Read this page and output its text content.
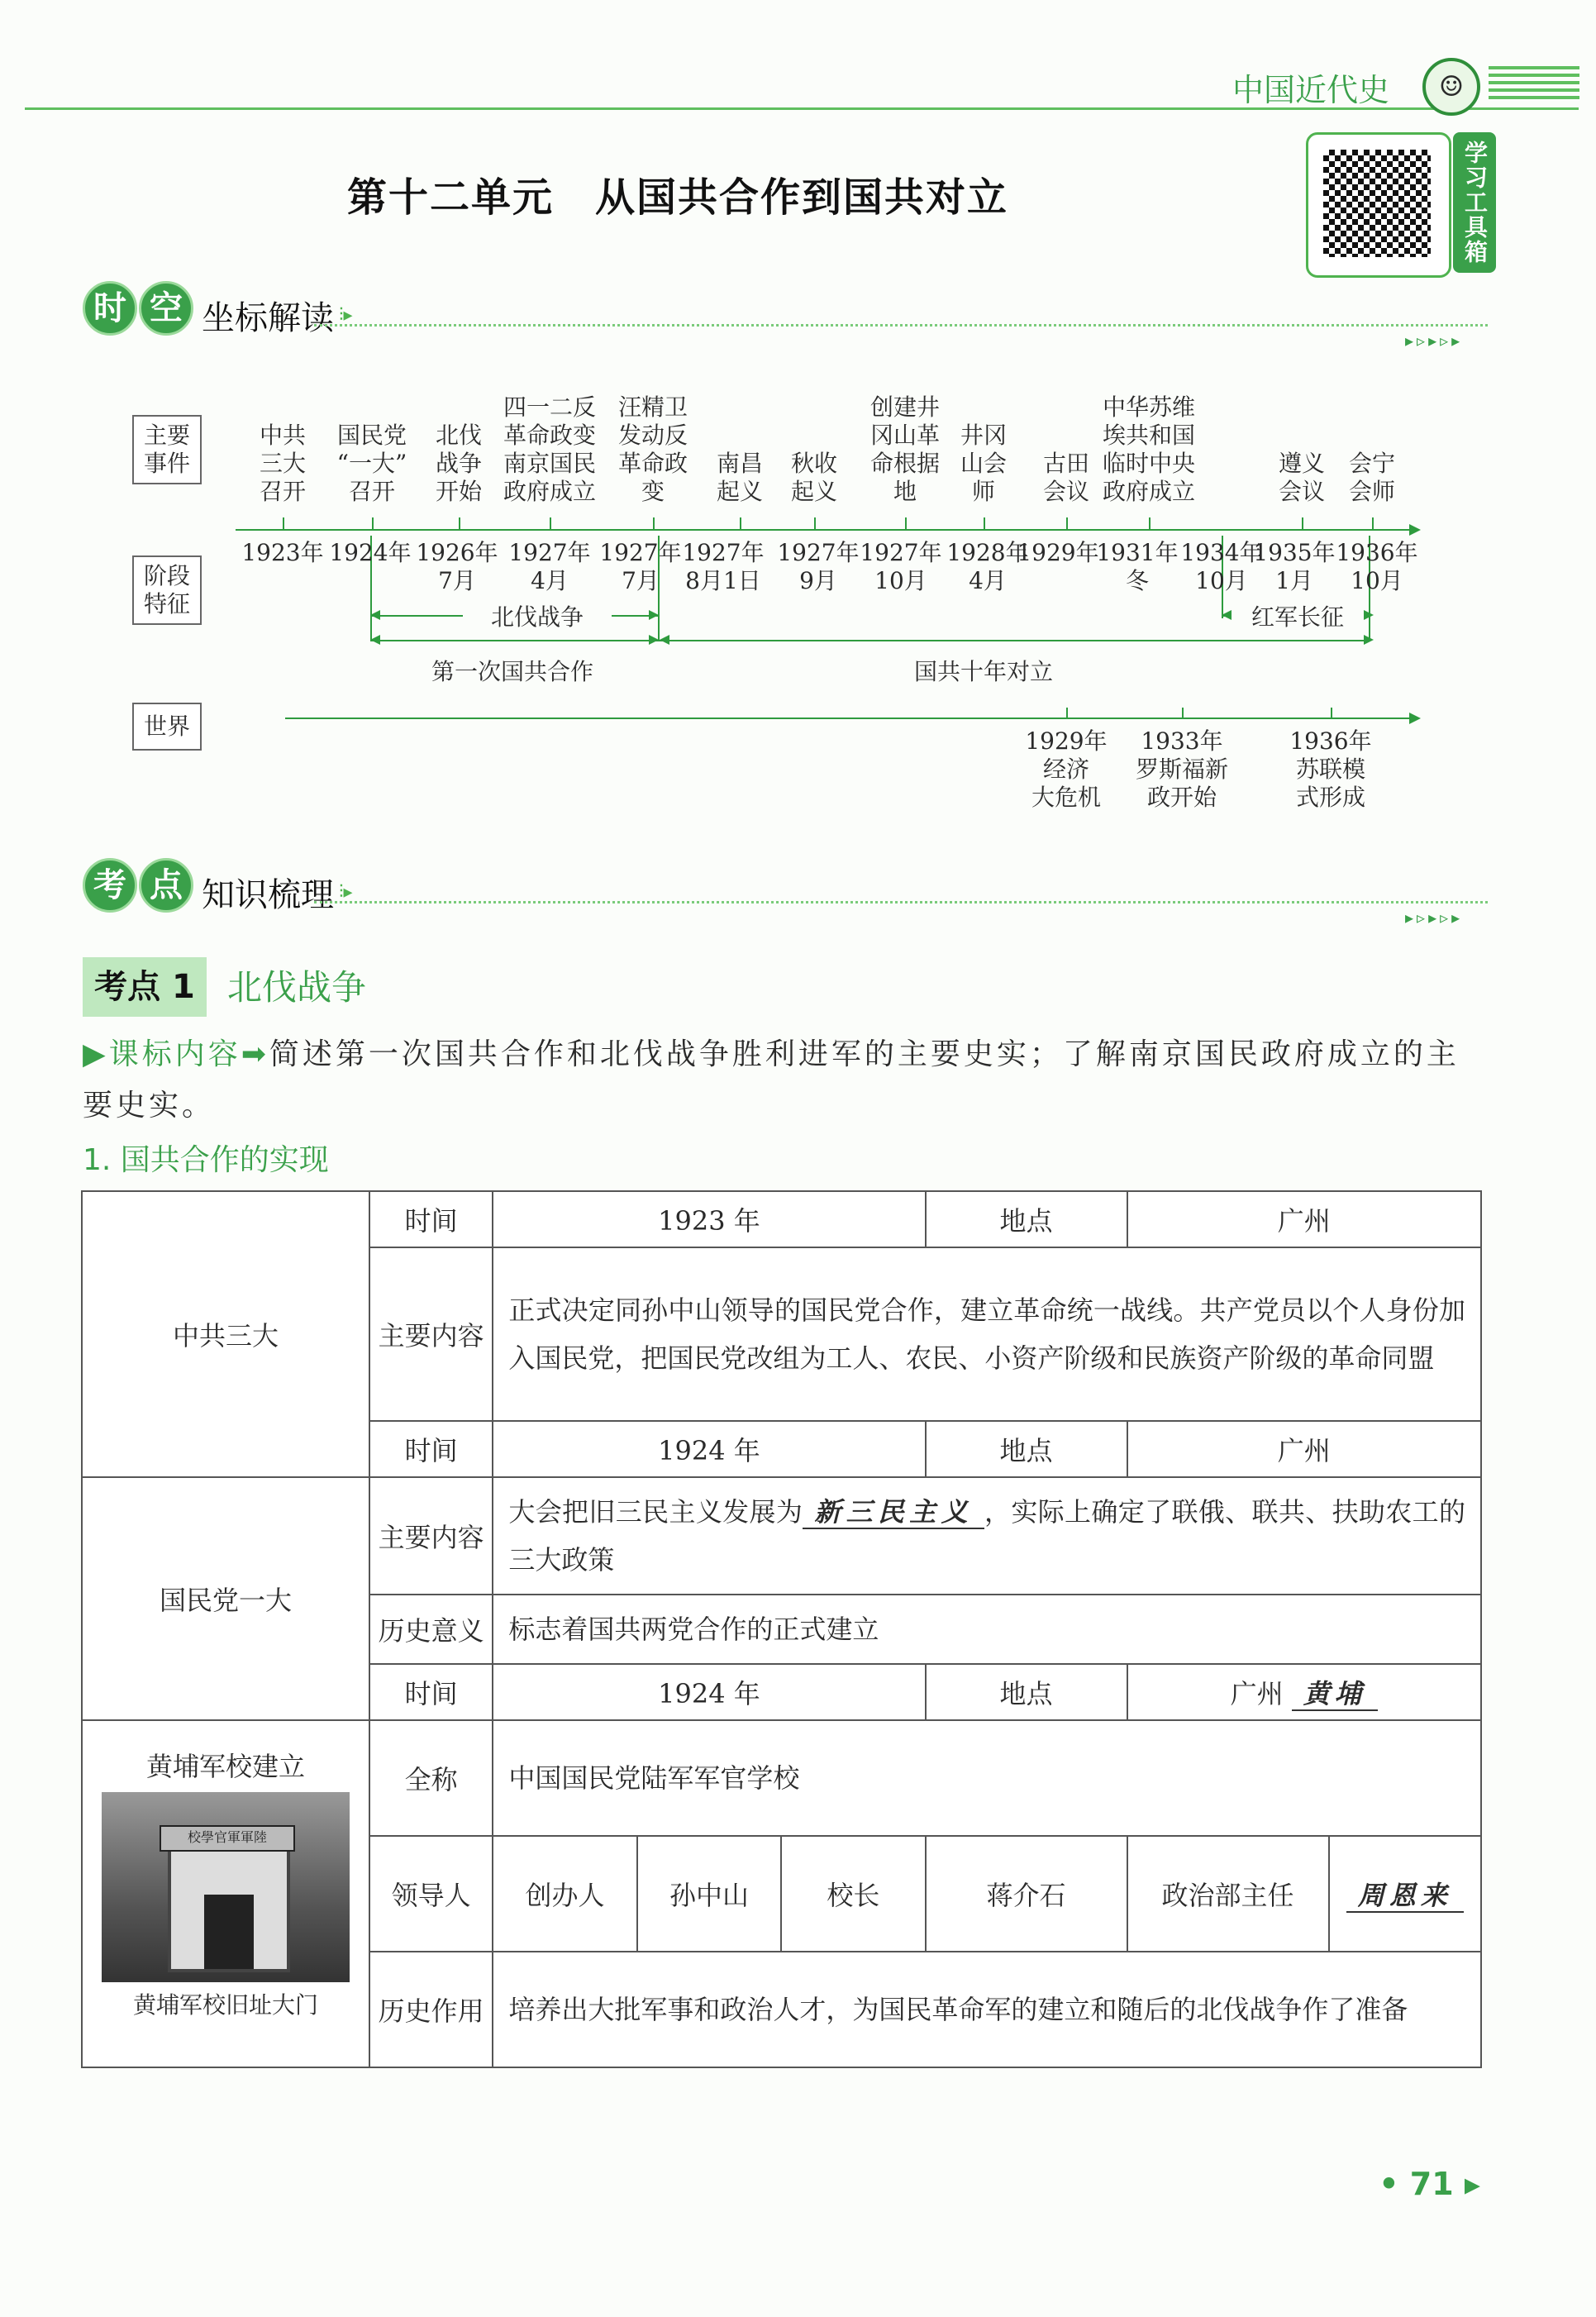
中国近代史	☺
第十二单元　从国共合作到国共对立	学习工具箱
时 空 坐标解读 ⫶▸
▸▹▸▹▸
主要事件
阶段特征
世界
北伐战争	红军长征
第一次国共合作	国共十年对立
中共
三大
召开
国民党
“一大”
召开
北伐
战争
开始
四一二反
革命政变
南京国民
政府成立
汪精卫
发动反
革命政
变
南昌
起义
秋收
起义
创建井
冈山革
命根据
地
井冈
山会
师
古田
会议
中华苏维
埃共和国
临时中央
政府成立
遵义
会议
会宁
会师
1923年 1924年 1926年
7月
1927年
4月
1927年
7月
1927年
8月1日
1927年
9月
1927年
10月
1928年
4月
1929年
1931年
冬
1934年
10月
1935年
1月
1936年
10月
1929年
经济
大危机
1933年
罗斯福新
政开始
1936年
苏联模
式形成
考 点 知识梳理 ⫶▸
▸▹▸▹▸
考点 1 北伐战争
▶课标内容➡简述第一次国共合作和北伐战争胜利进军的主要史实；了解南京国民政府成立的主要史实。
1. 国共合作的实现
中共三大	时间	1923 年			地点	广州	
	主要内容	正式决定同孙中山领导的国民党合作，建立革命统一战线。共产党员以个人身份加入国民党，把国民党改组为工人、农民、小资产阶级和民族资产阶级的革命同盟					
	时间	1924 年			地点	广州	
国民党一大	主要内容	大会把旧三民主义发展为 新三民主义 ，实际上确定了联俄、联共、扶助农工的三大政策					
	历史意义	标志着国共两党合作的正式建立					
	时间	1924 年			地点	广州 黄埔	

黄埔军校建立
校學官軍軍陸
黄埔军校旧址大门	全称	中国国民党陆军军官学校					
	领导人	创办人	孙中山	校长	蒋介石	政治部主任	周恩来
	历史作用	培养出大批军事和政治人才，为国民革命军的建立和随后的北伐战争作了准备					
• 71 ▸
